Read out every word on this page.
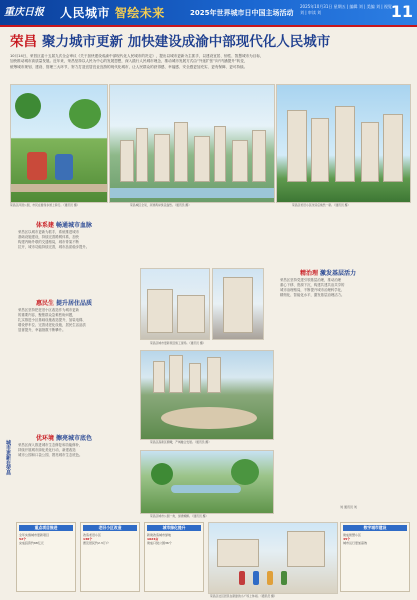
重庆日报 人民城市 智绘未来	2025年世界城市日中国主场活动
2025年10月31日 星期五 | 编辑 刘 | 美编 刘 | 视觉 刘 | 审读 刘	11
荣昌 聚力城市更新 加快建设成渝中部现代化人民城市
10月14日，荣昌区委十五届九次全会审议《关于加快建设成渝中部现代化人民城市的决定》，提出以城市更新为主抓手，以建设宜居、韧性、智慧城市为目标，
加快推动城市高质量发展。近年来，荣昌坚持以人民为中心的发展思想，深入践行人民城市理念，推动城市发展方式由“外延扩张”向“内涵提升”转变，
统筹城市规划、建设、管理三大环节，努力打造宜居宜业宜游的现代化城市，让人民群众的获得感、幸福感、安全感更加充实、更有保障、更可持续。
荣昌区河滨公园，市民在健身步道上骑行。（通讯员 摄）	荣昌城区全景，河道两岸绿意盎然。（通讯员 摄）	荣昌区老旧小区改造后焕然一新。（通讯员 摄）
体系建 畅通城市血脉
荣昌区以城市更新为抓手，系统推进城市
基础设施建设，持续完善路网体系，加快
构建内畅外联的交通格局，城市骨架不断
拉开，城市功能持续完善，城市品质稳步提升。
惠民生 提升居住品质
荣昌区坚持把老旧小区改造作为城市更新
的重要内容，聚焦群众急难愁盼问题，
扎实推进小区基础设施改造提升，加装电梯、
增设停车位、完善适老化设施，居民生活品质
显著提升，幸福指数不断攀升。
优环境 擦亮城市底色
荣昌区深入推进城市生态修复和功能修补，
持续开展城市绿化美化行动，新建改造
城市公园和口袋公园，擦亮城市生态底色。
荣昌区城市更新项目施工现场。（通讯员 摄）
荣昌区高新区俯瞰，产城融合发展。（通讯员 摄）
荣昌区城市公园一角，绿道蜿蜒。（通讯员 摄）
精治理 激发基层活力
荣昌区坚持党建引领基层治理，推动治理
重心下移、资源下沉，构建共建共治共享的
城市治理格局，不断提升城市治理科学化、
精细化、智能化水平，激发基层治理活力。
刘 通讯员 刘
城市更新在荣昌
重点项目推进
全年实施城市更新项目
52个
完成投资约68亿元
老旧小区改造
改造老旧小区
138个
惠及居民约2.3万户
城市绿化提升
新建改造城市绿地
1024亩
建成口袋公园36个
荣昌区社区居民在新建的小广场上休闲。（通讯员 摄）
数字城市建设
建成智慧小区
45个
城市运行更加高效
